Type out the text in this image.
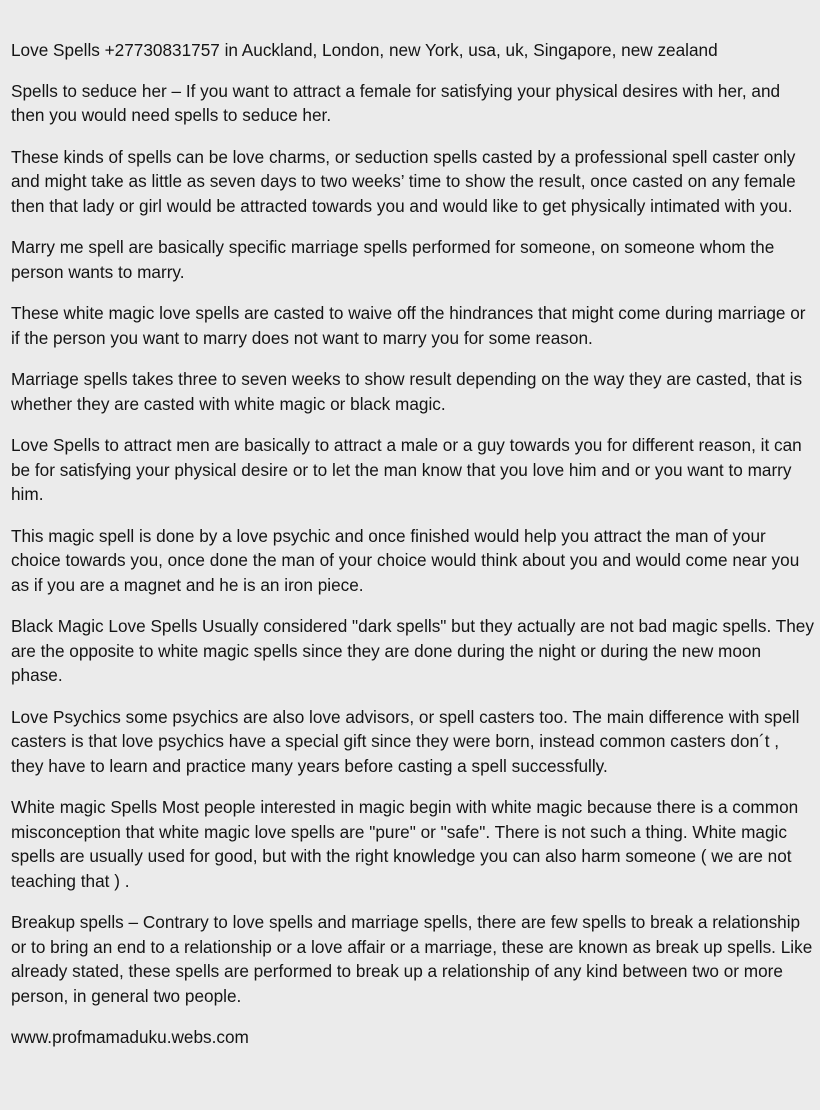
Love Spells +27730831757 in Auckland, London, new York, usa, uk, Singapore, new zealand

Spells to seduce her – If you want to attract a female for satisfying your physical desires with her, and then you would need spells to seduce her.

These kinds of spells can be love charms, or seduction spells casted by a professional spell caster only and might take as little as seven days to two weeks’ time to show the result, once casted on any female then that lady or girl would be attracted towards you and would like to get physically intimated with you.

Marry me spell are basically specific marriage spells performed for someone, on someone whom the person wants to marry.

These white magic love spells are casted to waive off the hindrances that might come during marriage or if the person you want to marry does not want to marry you for some reason.

Marriage spells takes three to seven weeks to show result depending on the way they are casted, that is whether they are casted with white magic or black magic.

Love Spells to attract men are basically to attract a male or a guy towards you for different reason, it can be for satisfying your physical desire or to let the man know that you love him and or you want to marry him.

This magic spell is done by a love psychic and once finished would help you attract the man of your choice towards you, once done the man of your choice would think about you and would come near you as if you are a magnet and he is an iron piece.

Black Magic Love Spells Usually considered "dark spells" but they actually are not bad magic spells. They are the opposite to white magic spells since they are done during the night or during the new moon phase.

Love Psychics some psychics are also love advisors, or spell casters too. The main difference with spell casters is that love psychics have a special gift since they were born, instead common casters don´t , they have to learn and practice many years before casting a spell successfully.

White magic Spells Most people interested in magic begin with white magic because there is a common misconception that white magic love spells are "pure" or "safe". There is not such a thing. White magic spells are usually used for good, but with the right knowledge you can also harm someone ( we are not teaching that ) .

Breakup spells – Contrary to love spells and marriage spells, there are few spells to break a relationship or to bring an end to a relationship or a love affair or a marriage, these are known as break up spells. Like already stated, these spells are performed to break up a relationship of any kind between two or more person, in general two people.

www.profmamaduku.webs.com
